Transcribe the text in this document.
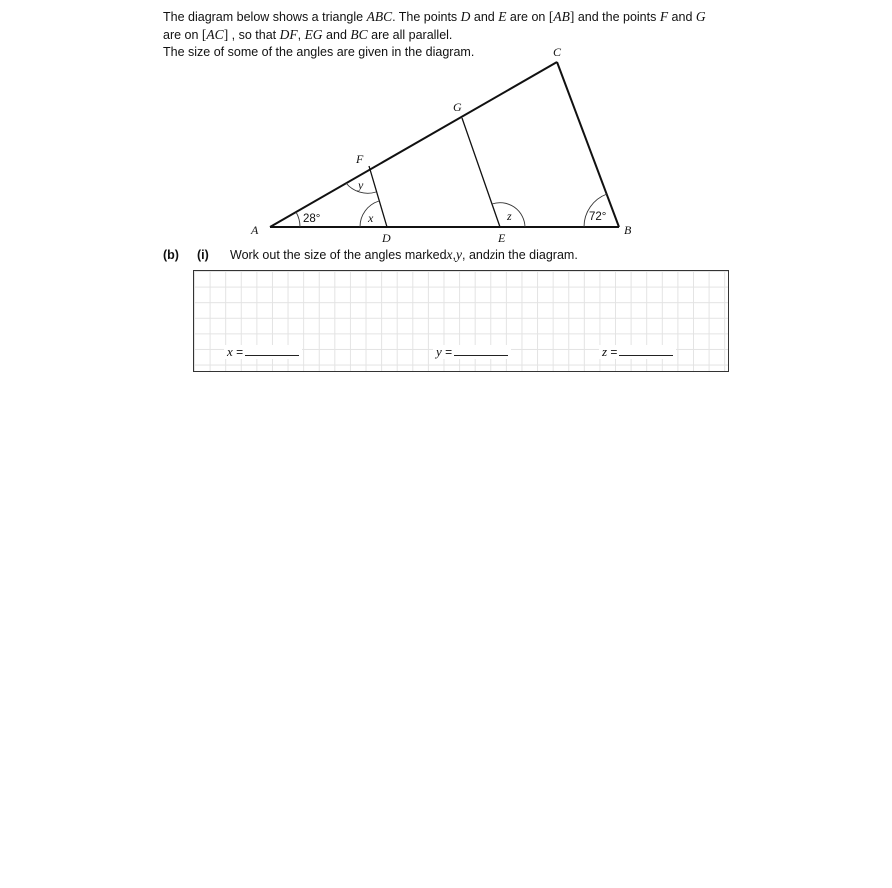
The diagram below shows a triangle ABC. The points D and E are on [AB] and the points F and G

are on [AC] , so that DF, EG and BC are all parallel.

The size of some of the angles are given in the diagram.

A	B
C
D	E
F
G
28°	72°
x
y
z
(b) (i) Work out the size of the angles markedx,y, andzin the diagram.
x =	y =	z =
